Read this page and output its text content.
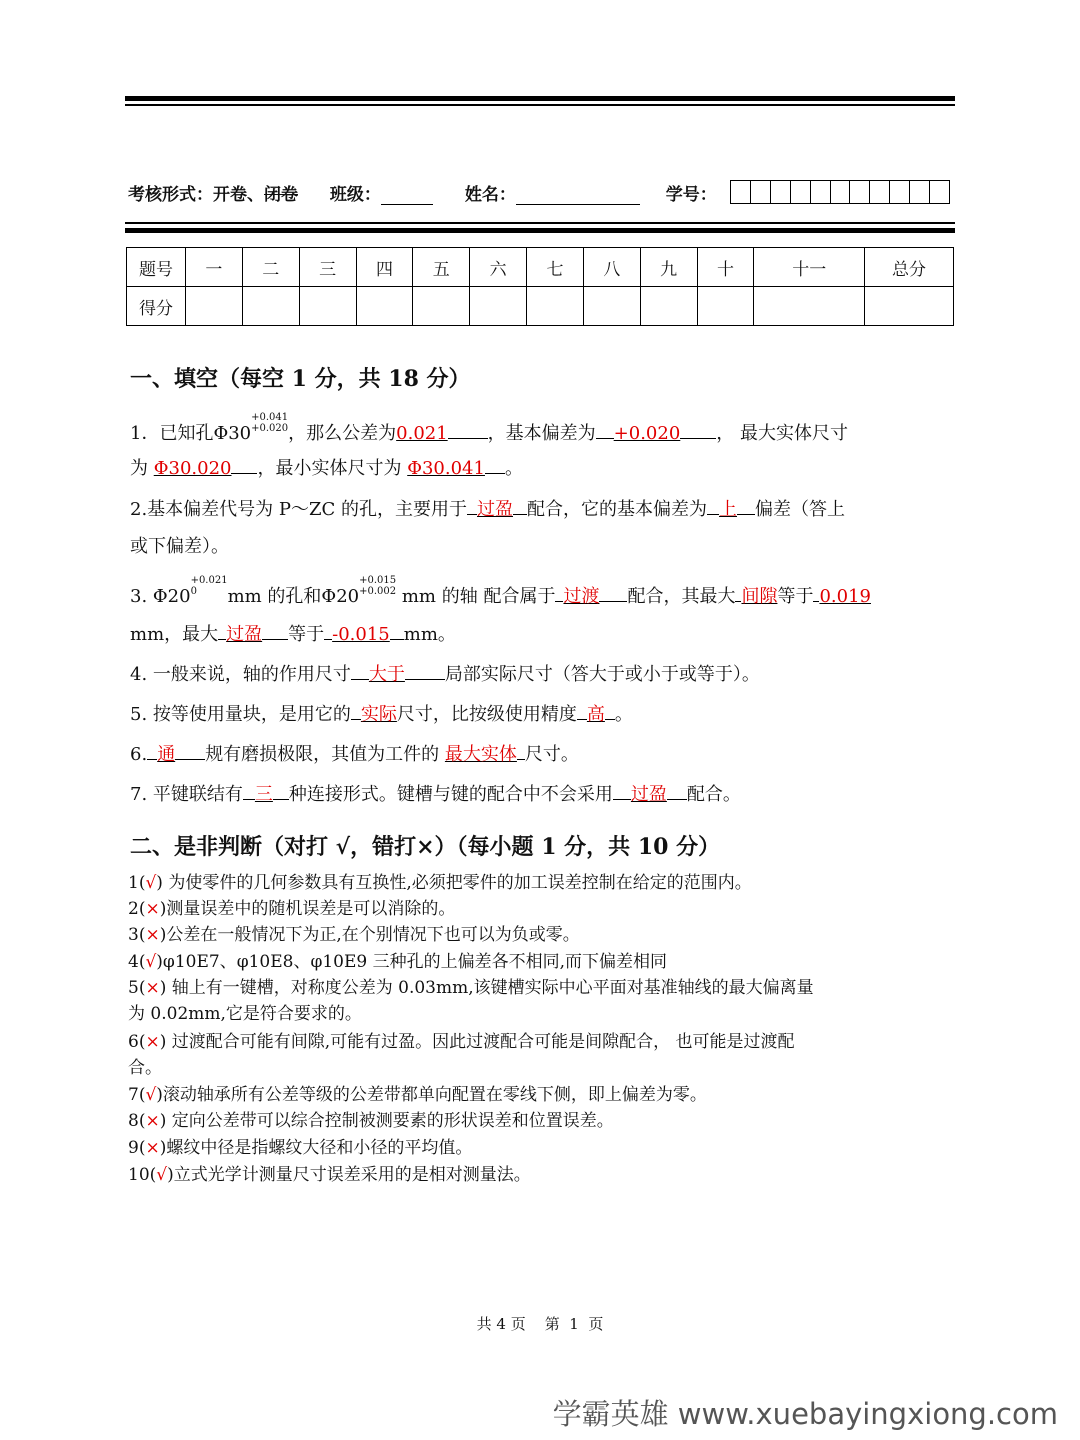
考核形式：开卷、闭卷 班级：	姓名：	学号：
题号	一	二	三	四	五	六	七	八	九	十	十一	总分
得分												
一、填空（每空 1 分，共 18 分）
1．已知孔$\Phi 30^{+0.041 +0.020}$，那么公差为0.021 ，基本偏差为 +0.020 ， 最大实体尺寸
为 Φ30.020 ，最小实体尺寸为 Φ30.041 。
2.基本偏差代号为 P～ZC 的孔，主要用于 过盈 配合，它的基本偏差为 上 偏差（答上
或下偏差）。
3. $\Phi 20^{+0.021 0}$ mm 的孔和$\Phi 20^{+0.015 +0.002}$ mm 的轴 配合属于 过渡 配合，其最大 间隙等于 0.019
mm，最大 过盈 等于 -0.015 mm。
4. 一般来说，轴的作用尺寸 大于 局部实际尺寸（答大于或小于或等于）。
5. 按等使用量块，是用它的 实际尺寸，比按级使用精度 高 。
6. 通 规有磨损极限，其值为工件的 最大实体 尺寸。
7. 平键联结有 三 种连接形式。键槽与键的配合中不会采用 过盈 配合。
二、是非判断（对打 √，错打×）（每小题 1 分，共 10 分）
1(√) 为使零件的几何参数具有互换性,必须把零件的加工误差控制在给定的范围内。
2(×)测量误差中的随机误差是可以消除的。
3(×)公差在一般情况下为正,在个别情况下也可以为负或零。
4(√)φ10E7、φ10E8、φ10E9 三种孔的上偏差各不相同,而下偏差相同
5(×) 轴上有一键槽，对称度公差为 0.03mm,该键槽实际中心平面对基准轴线的最大偏离量
为 0.02mm,它是符合要求的。
6(×) 过渡配合可能有间隙,可能有过盈。因此过渡配合可能是间隙配合， 也可能是过渡配
合。
7(√)滚动轴承所有公差等级的公差带都单向配置在零线下侧，即上偏差为零。
8(×) 定向公差带可以综合控制被测要素的形状误差和位置误差。
9(×)螺纹中径是指螺纹大径和小径的平均值。
10(√)立式光学计测量尺寸误差采用的是相对测量法。
共 4 页    第  1  页
学霸英雄 www.xuebayingxiong.com
